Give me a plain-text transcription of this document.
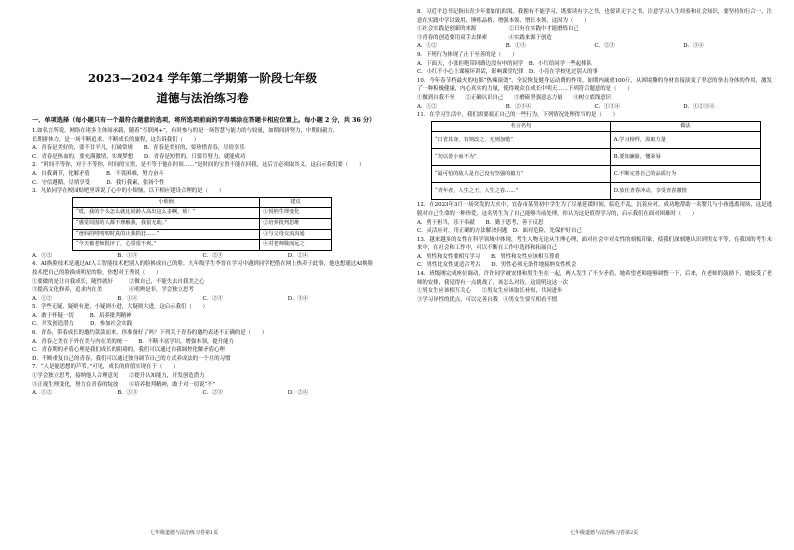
2023—2024 学年第二学期第一阶段七年级
道德与法治练习卷
一、单项选择（每小题只有一个最符合题意的选项，将所选项前面的字母填涂在答题卡相应位置上。每小题 2 分，共 36 分）

1.如名言所说，网络在诸多主体间承载，随着“互联网+”，有时参与的是一场智慧与能力的与较量，如期间拼努力，中期间毅力，

长期拼体力，是一场不断追求、不断成长的旅程，这告诉我们（　　）

A．青春是美好的，要不甘平凡，打破常规　　B．青春是美好的，要珍惜青春，尽情享乐

C．青春是热血的，要充满激情，实现梦想　　D．青春是短暂的，只要肯努力，就能成功

2．“时间不等你，对于不等你，时间的宝贵，是不等于他在时间……”是时间的宝贵不能在回我，这后言必须取其义。这启示我们要（　　）

A．自我调节，化解矛盾　　　B．不畏困难，努力奋斗

C．守信遵循，尽情享受　　　D．我行我素，张扬个性

3．凡依同学在校园贴吧里诉说了心中的小烦恼，以下相应建设合理的是（　　）

小烦恼	建议
“哎，我的个头怎么就比同龄人高出这么多啊，烦！”	①悦纳生理变化
“感觉周围的人都不理解我，我很无助。”	②培养批判思维
“爸妈的唠叨叨时真的让我抓狂……”	③与父母交流沟通
“今天被老师批评了，心里很不爽。”	④对老师敬而远之
A．①②	B．①③	C．②③	D．②④

4．AI换脸技术是通过AI人工智能技术把别人的脸换成自己的脸。九年级学生李晋在学习中遇到同学把借在网上热卖于此事，他也想通过AI换脸技术把自己的脸换成明星的脸，你想对王秀说（　　）

①要做的是让自我成长，随性就好　　　②做自己，不能失去自我美之心

③提高文化修养，追求内在美　　　　　④明辨是非，学会独立思考

A．①②	B．①④	C．②③	D．③④

5．学些无疑，疑则有进，小疑则小进，大疑则大进，这启示我们（　　）

A．敢于怀疑一切　　　B．培养批判精神

C．开发创造潜力　　　D．参加社会实践

6．青春，带着成长的邀约款款而来，你准备好了吗？下列关于青春的邀约表述不正确的是（　　）

A．青春之美在于外在美与内在美的统一　　B．不断丰富学识，增强本领，提升能力

C．青春期的矛盾心理是我们成长的阻碍的，我们可以通过自我调控化解矛盾心理

D．不断重复自己的青春，我们可以通过独身调节自己的方式养成法的一个月的习惯

7．“人是能思想的芦苇。”可见，成长的价值实现在于（　　）

①学会独立思考，接纳他人合理意见　　②提升认知能力，开发创造潜力

③正视生理变化，努力在青春的绽放　　④培养批判精神，敢于对一切说“不”

A．①②	B．①③	C．②③	D．②④

8．习近平总书记指出青少年要如饥似渴，我拥有不能学习，既要读有字之书，也要读无字之书，注意学习人生经验和社会知识，要坚持知行合一，注意在实践中学以致用、锤炼品格、增强本领、增长本领，这因为（　　）

①社会实践是创新的来源　　　　　　②只有在实践中才能磨炼自己

③青春的创造要用双手去探索　　　　④实践来源于创造

A．①②	B．①③	C．②③	D．③④

9．下列行为体现了止于至善的是（　　）

A．下面天，小张拒绝带回路边没有申的同学　B．小红给同学一些起排队

C．小红不小心上课撞坏讲话，影响课堂纪律　D．小亮在学校见过别人的事

10．今年春节档最火的电影“热辣滚烫”，全民恢复健身运动费的作用，如期内减重100斤，从困境撕的身材直接演变了坚忍的拳击身体的作用，激发了一种积极健康，内心真实的力量，使得观众在成长中明天……下列符合题意的是（　　）

①做到自我不至　　②正确认识自己　　③磨砺坚强意志力量　　④树立底线意识

A．①②	B．②③④	C．①③④	D．①②③④

11．在学习生活中，我们需要端正自己的一些行为，下列情况处理得当的是（　　）

名言名句	做法
“日省其身，有则改之，无则加勉”	A.学习榜样，汲取力量
“勿以善小而不为”	B.要知廉耻，懂荣辱
“最可怕的敌人是自己没有坚强的毅力”	C.不断完善自己的品质行为
“青年者，人生之王，人生之春……”	D.放任青春冲动，享受青春激情

12．在2023年3月一场突发的大火中，宜春市某男初中学生为了尽量延缓时间，临危不乱，沉着应对，成功地帮助一名婴儿与小孩逃离现场，这是逃脱对自己生命的一种珍爱，这名男生为了自己能够当前处理，你认为这是值得学习的，启示我们在面对困难时（　　）

A．勇于担当，乐于奉献　　B．勤于思考，善于反思

C．灵活应对，用正确的方法解决问题　D．面对危险，先保护好自己

13．越来越多的女性在科学领域中体现，考生人物无论从生理心理，面对社会中对女性的刻板印象，使我们深刻地认识到男女平等，在我国的考生未来中，在社会和工作中，可以不断在工作中选择和拓展自己

A．男性和女性要相互学习　　B．男性和女性应该相互尊重

C．男性比女性更适合考古　　D．男性必须无条件地接纳女性机会

14．班级刚完成座位调动，许许同学被安排和男生坐在一起，两人发生了不少矛盾，她希望老师能够调整一下，后来，在老师的鼓励下，她接受了老师的安排，我觉得有一点挑战了，该怎么对待，这说明这这一次

①男女生应该相互关心　　②男女生应该取长补短，共同进步

③学习异性的优点，可以完善自我　④男女生要互相看不惯

七年级道德与法治练习卷第1页	七年级道德与法治练习卷第2页
